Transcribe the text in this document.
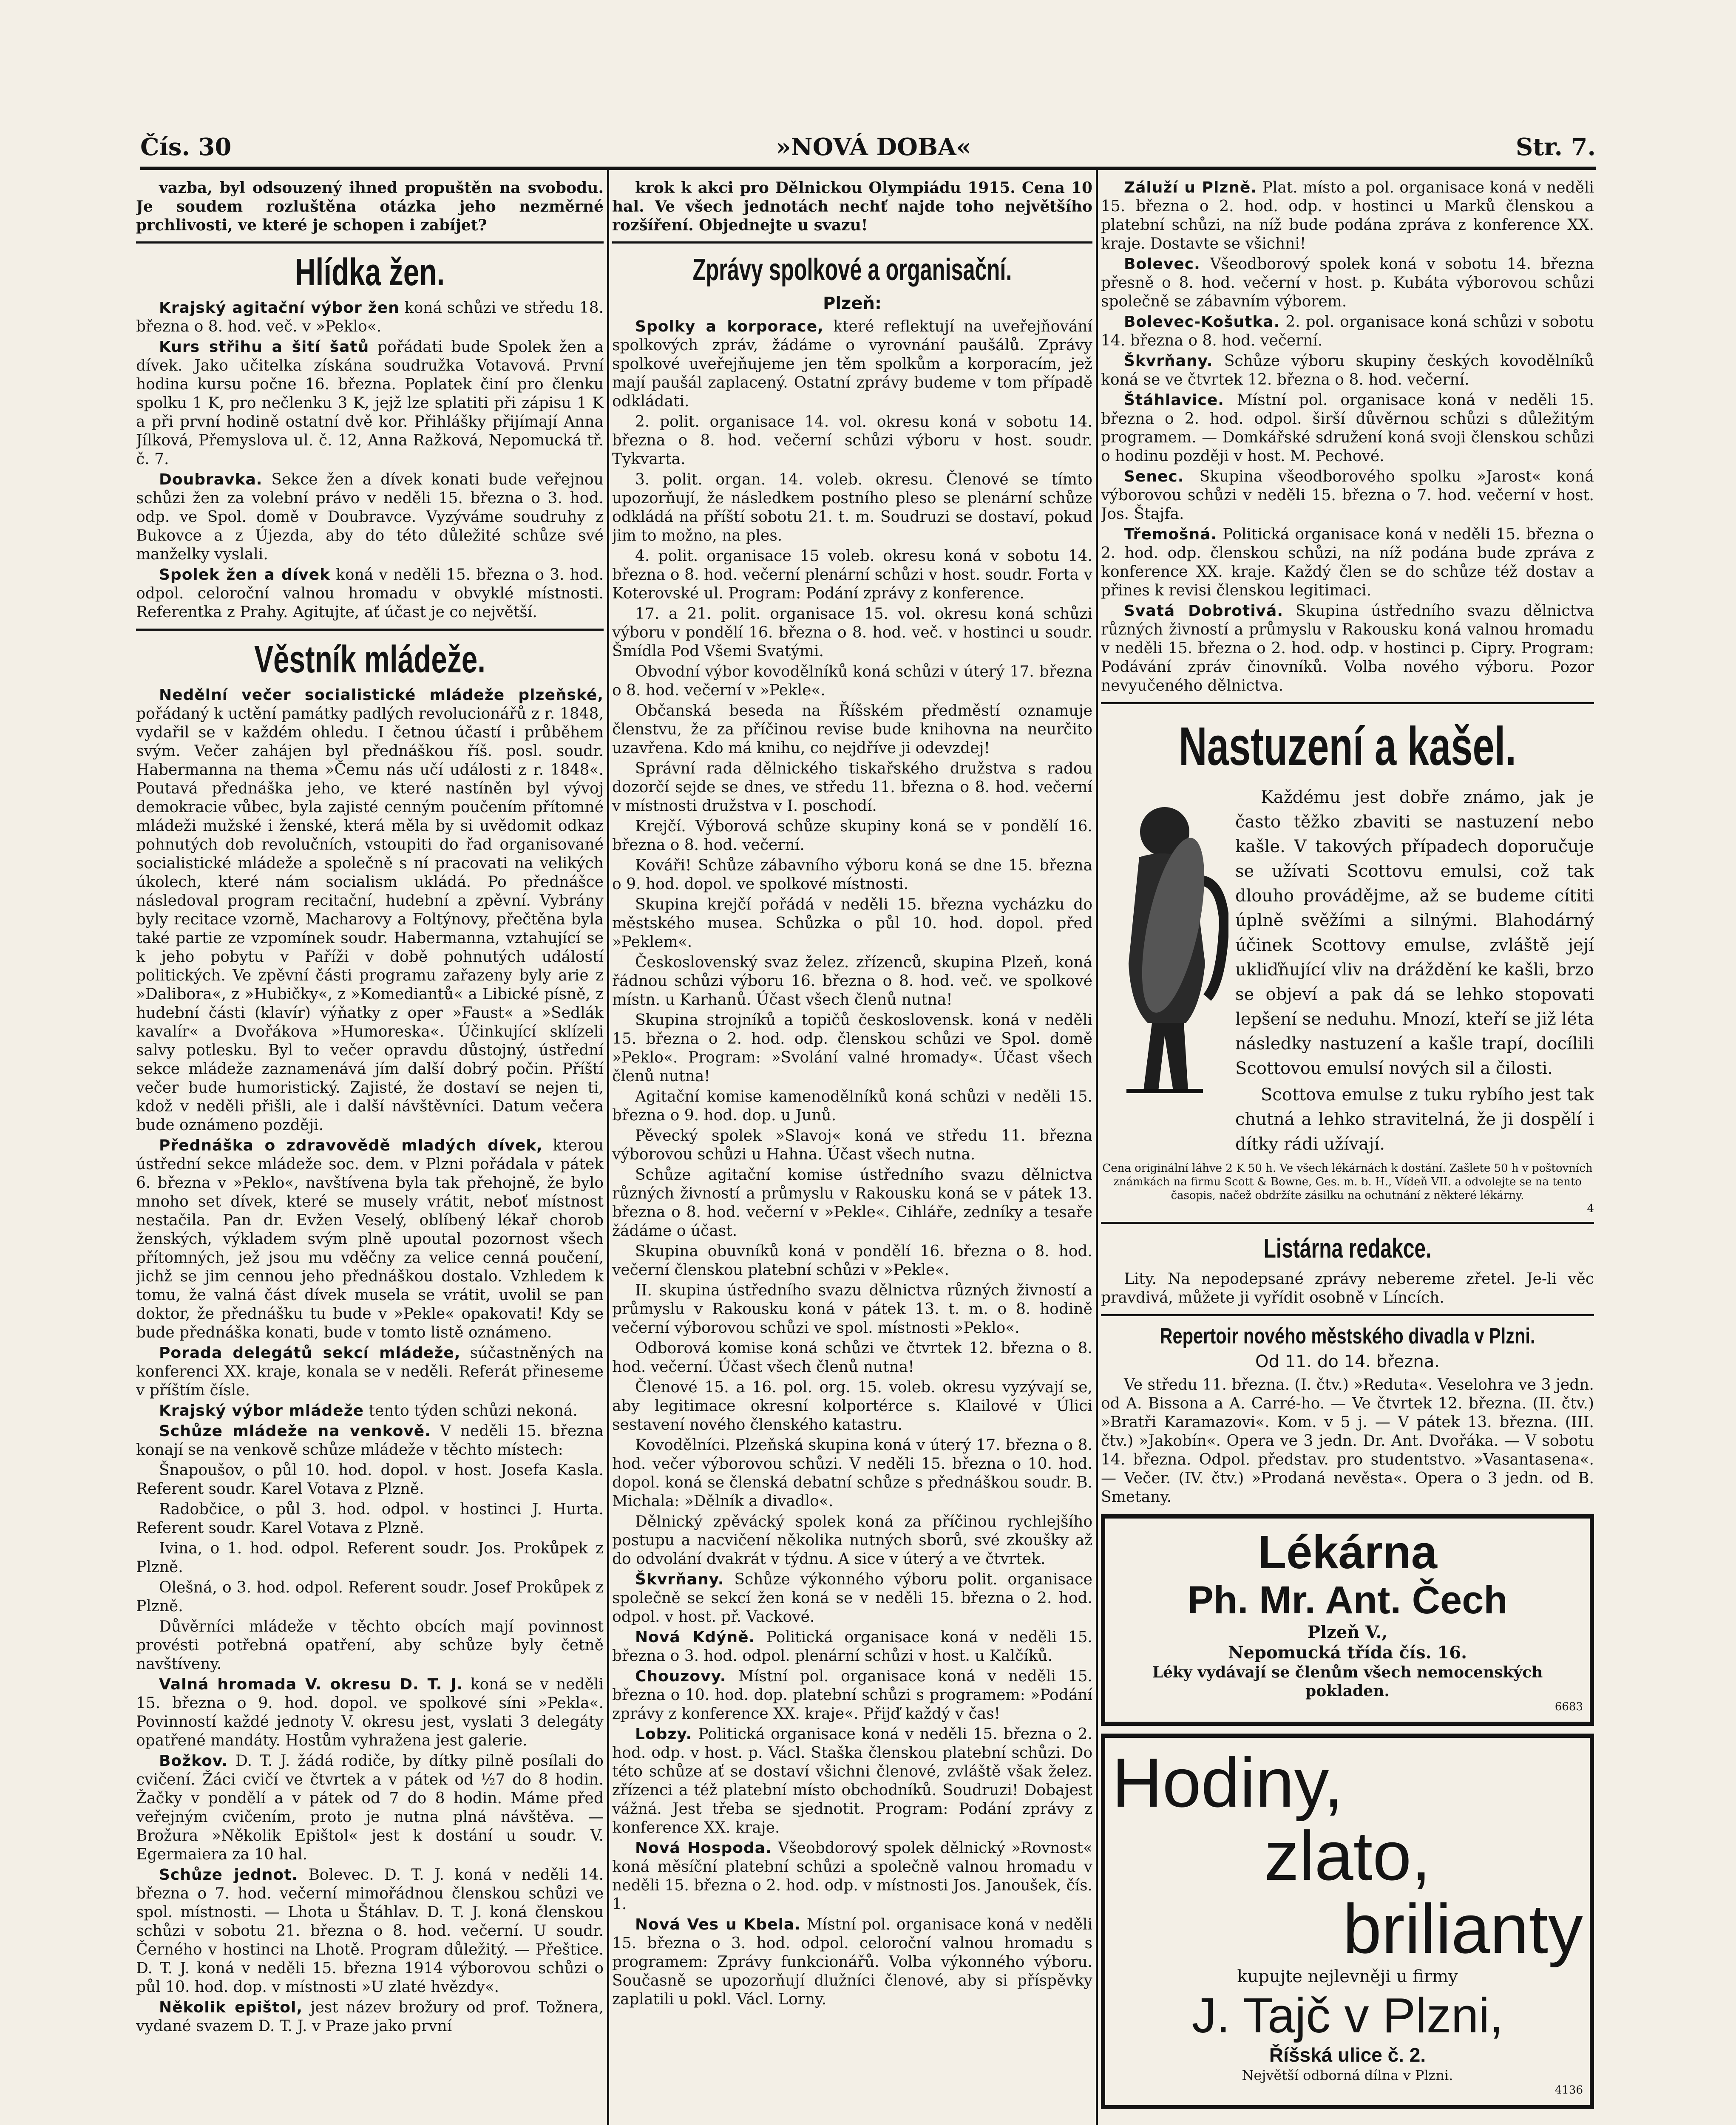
Čís. 30	»NOVÁ DOBA«	Str. 7.

vazba, byl odsouzený ihned propuštěn na svobodu. Je soudem rozluštěna otázka jeho nezměrné prchlivosti, ve které je schopen i zabíjet?

Hlídka žen.

Krajský agitační výbor žen koná schůzi ve středu 18. března o 8. hod. več. v »Peklo«.

Kurs střihu a šití šatů pořádati bude Spolek žen a dívek. Jako učitelka získána soudružka Votavová. První hodina kursu počne 16. března. Poplatek činí pro členku spolku 1 K, pro nečlenku 3 K, jejž lze splatiti při zápisu 1 K a při první hodině ostatní dvě kor. Přihlášky přijímají Anna Jílková, Přemyslova ul. č. 12, Anna Ražková, Nepomucká tř. č. 7.

Doubravka. Sekce žen a dívek konati bude veřejnou schůzi žen za volební právo v neděli 15. března o 3. hod. odp. ve Spol. domě v Doubravce. Vyzýváme soudruhy z Bukovce a z Újezda, aby do této důležité schůze své manželky vyslali.

Spolek žen a dívek koná v neděli 15. března o 3. hod. odpol. celoroční valnou hromadu v obvyklé místnosti. Referentka z Prahy. Agitujte, ať účast je co největší.

Věstník mládeže.

Nedělní večer socialistické mládeže plzeňské, pořádaný k uctění památky padlých revolucionářů z r. 1848, vydařil se v každém ohledu. I četnou účastí i průběhem svým. Večer zahájen byl přednáškou říš. posl. soudr. Habermanna na thema »Čemu nás učí události z r. 1848«. Poutavá přednáška jeho, ve které nastíněn byl vývoj demokracie vůbec, byla zajisté cenným poučením přítomné mládeži mužské i ženské, která měla by si uvědomit odkaz pohnutých dob revolučních, vstoupiti do řad organisované socialistické mládeže a společně s ní pracovati na velikých úkolech, které nám socialism ukládá. Po přednášce následoval program recitační, hudební a zpěvní. Vybrány byly recitace vzorně, Macharovy a Foltýnovy, přečtěna byla také partie ze vzpomínek soudr. Habermanna, vztahující se k jeho pobytu v Paříži v době pohnutých událostí politických. Ve zpěvní části programu zařazeny byly arie z »Dalibora«, z »Hubičky«, z »Komediantů« a Libické písně, z hudební části (klavír) výňatky z oper »Faust« a »Sedlák kavalír« a Dvořákova »Humoreska«. Účinkující sklízeli salvy potlesku. Byl to večer opravdu důstojný, ústřední sekce mládeže zaznamenává jím další dobrý počin. Příští večer bude humoristický. Zajisté, že dostaví se nejen ti, kdož v neděli přišli, ale i další návštěvníci. Datum večera bude oznámeno později.

Přednáška o zdravovědě mladých dívek, kterou ústřední sekce mládeže soc. dem. v Plzni pořádala v pátek 6. března v »Peklo«, navštívena byla tak přehojně, že bylo mnoho set dívek, které se musely vrátit, neboť místnost nestačila. Pan dr. Evžen Veselý, oblíbený lékař chorob ženských, výkladem svým plně upoutal pozornost všech přítomných, jež jsou mu vděčny za velice cenná poučení, jichž se jim cennou jeho přednáškou dostalo. Vzhledem k tomu, že valná část dívek musela se vrátit, uvolil se pan doktor, že přednášku tu bude v »Pekle« opakovati! Kdy se bude přednáška konati, bude v tomto listě oznámeno.

Porada delegátů sekcí mládeže, súčastněných na konferenci XX. kraje, konala se v neděli. Referát přineseme v příštím čísle.

Krajský výbor mládeže tento týden schůzi nekoná.

Schůze mládeže na venkově. V neděli 15. března konají se na venkově schůze mládeže v těchto místech:

Šnapoušov, o půl 10. hod. dopol. v host. Josefa Kasla. Referent soudr. Karel Votava z Plzně.

Radobčice, o půl 3. hod. odpol. v hostinci J. Hurta. Referent soudr. Karel Votava z Plzně.

Ivina, o 1. hod. odpol. Referent soudr. Jos. Prokůpek z Plzně.

Olešná, o 3. hod. odpol. Referent soudr. Josef Prokůpek z Plzně.

Důvěrníci mládeže v těchto obcích mají povinnost provésti potřebná opatření, aby schůze byly četně navštíveny.

Valná hromada V. okresu D. T. J. koná se v neděli 15. března o 9. hod. dopol. ve spolkové síni »Pekla«. Povinností každé jednoty V. okresu jest, vyslati 3 delegáty opatřené mandáty. Hostům vyhražena jest galerie.

Božkov. D. T. J. žádá rodiče, by dítky pilně posílali do cvičení. Žáci cvičí ve čtvrtek a v pátek od ½7 do 8 hodin. Žačky v pondělí a v pátek od 7 do 8 hodin. Máme před veřejným cvičením, proto je nutna plná návštěva. — Brožura »Několik Epištol« jest k dostání u soudr. V. Egermaiera za 10 hal.

Schůze jednot. Bolevec. D. T. J. koná v neděli 14. března o 7. hod. večerní mimořádnou členskou schůzi ve spol. místnosti. — Lhota u Štáhlav. D. T. J. koná členskou schůzi v sobotu 21. března o 8. hod. večerní. U soudr. Černého v hostinci na Lhotě. Program důležitý. — Přeštice. D. T. J. koná v neděli 15. března 1914 výborovou schůzi o půl 10. hod. dop. v místnosti »U zlaté hvězdy«.

Několik epištol, jest název brožury od prof. Tožnera, vydané svazem D. T. J. v Praze jako první

krok k akci pro Dělnickou Olympiádu 1915. Cena 10 hal. Ve všech jednotách nechť najde toho největšího rozšíření. Objednejte u svazu!

Zprávy spolkové a organisační.
Plzeň:

Spolky a korporace, které reflektují na uveřejňování spolkových zpráv, žádáme o vyrovnání paušálů. Zprávy spolkové uveřejňujeme jen těm spolkům a korporacím, jež mají paušál zaplacený. Ostatní zprávy budeme v tom případě odkládati.

2. polit. organisace 14. vol. okresu koná v sobotu 14. března o 8. hod. večerní schůzi výboru v host. soudr. Tykvarta.

3. polit. organ. 14. voleb. okresu. Členové se tímto upozorňují, že následkem postního pleso se plenární schůze odkládá na příští sobotu 21. t. m. Soudruzi se dostaví, pokud jim to možno, na ples.

4. polit. organisace 15 voleb. okresu koná v sobotu 14. března o 8. hod. večerní plenární schůzi v host. soudr. Forta v Koterovské ul. Program: Podání zprávy z konference.

17. a 21. polit. organisace 15. vol. okresu koná schůzi výboru v pondělí 16. března o 8. hod. več. v hostinci u soudr. Šmídla Pod Všemi Svatými.

Obvodní výbor kovodělníků koná schůzi v úterý 17. března o 8. hod. večerní v »Pekle«.

Občanská beseda na Říšském předměstí oznamuje členstvu, že za příčinou revise bude knihovna na neurčito uzavřena. Kdo má knihu, co nejdříve ji odevzdej!

Správní rada dělnického tiskařského družstva s radou dozorčí sejde se dnes, ve středu 11. března o 8. hod. večerní v místnosti družstva v I. poschodí.

Krejčí. Výborová schůze skupiny koná se v pondělí 16. března o 8. hod. večerní.

Kováři! Schůze zábavního výboru koná se dne 15. března o 9. hod. dopol. ve spolkové místnosti.

Skupina krejčí pořádá v neděli 15. března vycházku do městského musea. Schůzka o půl 10. hod. dopol. před »Peklem«.

Československý svaz želez. zřízenců, skupina Plzeň, koná řádnou schůzi výboru 16. března o 8. hod. več. ve spolkové místn. u Karhanů. Účast všech členů nutna!

Skupina strojníků a topičů československ. koná v neděli 15. března o 2. hod. odp. členskou schůzi ve Spol. domě »Peklo«. Program: »Svolání valné hromady«. Účast všech členů nutna!

Agitační komise kamenodělníků koná schůzi v neděli 15. března o 9. hod. dop. u Junů.

Pěvecký spolek »Slavoj« koná ve středu 11. března výborovou schůzi u Hahna. Účast všech nutna.

Schůze agitační komise ústředního svazu dělnictva různých živností a průmyslu v Rakousku koná se v pátek 13. března o 8. hod. večerní v »Pekle«. Cihláře, zedníky a tesaře žádáme o účast.

Skupina obuvníků koná v pondělí 16. března o 8. hod. večerní členskou platební schůzi v »Pekle«.

II. skupina ústředního svazu dělnictva různých živností a průmyslu v Rakousku koná v pátek 13. t. m. o 8. hodině večerní výborovou schůzi ve spol. místnosti »Peklo«.

Odborová komise koná schůzi ve čtvrtek 12. března o 8. hod. večerní. Účast všech členů nutna!

Členové 15. a 16. pol. org. 15. voleb. okresu vyzývají se, aby legitimace okresní kolportérce s. Klailové v Úlici sestavení nového členského katastru.

Kovodělníci. Plzeňská skupina koná v úterý 17. března o 8. hod. večer výborovou schůzi. V neděli 15. března o 10. hod. dopol. koná se členská debatní schůze s přednáškou soudr. B. Michala: »Dělník a divadlo«.

Dělnický zpěvácký spolek koná za příčinou rychlejšího postupu a nacvičení několika nutných sborů, své zkoušky až do odvolání dvakrát v týdnu. A sice v úterý a ve čtvrtek.

Škvrňany. Schůze výkonného výboru polit. organisace společně se sekcí žen koná se v neděli 15. března o 2. hod. odpol. v host. př. Vackové.

Nová Kdýně. Politická organisace koná v neděli 15. března o 3. hod. odpol. plenární schůzi v host. u Kalčíků.

Chouzovy. Místní pol. organisace koná v neděli 15. března o 10. hod. dop. platební schůzi s programem: »Podání zprávy z konference XX. kraje«. Přijď každý v čas!

Lobzy. Politická organisace koná v neděli 15. března o 2. hod. odp. v host. p. Václ. Staška členskou platební schůzi. Do této schůze ať se dostaví všichni členové, zvláště však želez. zřízenci a též platební místo obchodníků. Soudruzi! Dobajest vážná. Jest třeba se sjednotit. Program: Podání zprávy z konference XX. kraje.

Nová Hospoda. Všeobdorový spolek dělnický »Rovnost« koná měsíční platební schůzi a společně valnou hromadu v neděli 15. března o 2. hod. odp. v místnosti Jos. Janoušek, čís. 1.

Nová Ves u Kbela. Místní pol. organisace koná v neděli 15. března o 3. hod. odpol. celoroční valnou hromadu s programem: Zprávy funkcionářů. Volba výkonného výboru. Současně se upozorňují dlužníci členové, aby si příspěvky zaplatili u pokl. Václ. Lorny.

Záluží u Plzně. Plat. místo a pol. organisace koná v neděli 15. března o 2. hod. odp. v hostinci u Marků členskou a platební schůzi, na níž bude podána zpráva z konference XX. kraje. Dostavte se všichni!

Bolevec. Všeodborový spolek koná v sobotu 14. března přesně o 8. hod. večerní v host. p. Kubáta výborovou schůzi společně se zábavním výborem.

Bolevec-Košutka. 2. pol. organisace koná schůzi v sobotu 14. března o 8. hod. večerní.

Škvrňany. Schůze výboru skupiny českých kovodělníků koná se ve čtvrtek 12. března o 8. hod. večerní.

Štáhlavice. Místní pol. organisace koná v neděli 15. března o 2. hod. odpol. širší důvěrnou schůzi s důležitým programem. — Domkářské sdružení koná svoji členskou schůzi o hodinu později v host. M. Pechové.

Senec. Skupina všeodborového spolku »Jarost« koná výborovou schůzi v neděli 15. března o 7. hod. večerní v host. Jos. Štajfa.

Třemošná. Politická organisace koná v neděli 15. března o 2. hod. odp. členskou schůzi, na níž podána bude zpráva z konference XX. kraje. Každý člen se do schůze též dostav a přines k revisi členskou legitimaci.

Svatá Dobrotivá. Skupina ústředního svazu dělnictva různých živností a průmyslu v Rakousku koná valnou hromadu v neděli 15. března o 2. hod. odp. v hostinci p. Cipry. Program: Podávání zpráv činovníků. Volba nového výboru. Pozor nevyučeného dělnictva.

Nastuzení a kašel.

Každému jest dobře známo, jak je často těžko zbaviti se nastuzení nebo kašle. V takových případech doporučuje se užívati Scottovu emulsi, což tak dlouho provádějme, až se budeme cítiti úplně svěžími a silnými. Blahodárný účinek Scottovy emulse, zvláště její ukliďňující vliv na dráždění ke kašli, brzo se objeví a pak dá se lehko stopovati lepšení se neduhu. Mnozí, kteří se již léta následky nastuzení a kašle trapí, docílili Scottovou emulsí nových sil a čilosti.

Scottova emulse z tuku rybího jest tak chutná a lehko stravitelná, že ji dospělí i dítky rádi užívají.

Cena originální láhve 2 K 50 h. Ve všech lékárnách k dostání. Zašlete 50 h v poštovních známkách na firmu Scott & Bowne, Ges. m. b. H., Vídeň VII. a odvolejte se na tento časopis, načež obdržíte zásilku na ochutnání z některé lékárny.

4
Listárna redakce.

Lity. Na nepodepsané zprávy nebereme zřetel. Je-li věc pravdivá, můžete ji vyřídit osobně v Líncích.

Repertoir nového městského divadla v Plzni.
Od 11. do 14. března.

Ve středu 11. března. (I. čtv.) »Reduta«. Veselohra ve 3 jedn. od A. Bissona a A. Carré-ho. — Ve čtvrtek 12. března. (II. čtv.) »Bratři Karamazovi«. Kom. v 5 j. — V pátek 13. března. (III. čtv.) »Jakobín«. Opera ve 3 jedn. Dr. Ant. Dvořáka. — V sobotu 14. března. Odpol. představ. pro studentstvo. »Vasantasena«. — Večer. (IV. čtv.) »Prodaná nevěsta«. Opera o 3 jedn. od B. Smetany.

Lékárna
Ph. Mr. Ant. Čech
Plzeň V.,
Nepomucká třída čís. 16.
Léky vydávají se členům všech nemocenských pokladen.
6683
Hodiny,
zlato,
brilianty
kupujte nejlevněji u firmy
J. Tajč v Plzni,
Říšská ulice č. 2.
Největší odborná dílna v Plzni.
4136
